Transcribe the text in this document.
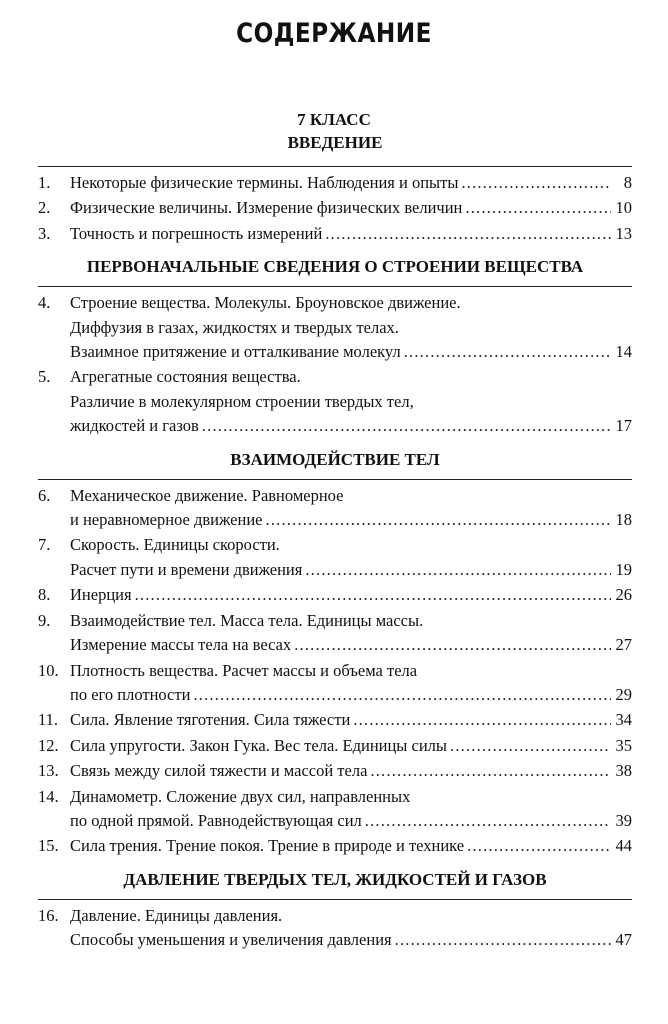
СОДЕРЖАНИЕ
7 КЛАСС
ВВЕДЕНИЕ
1. Некоторые физические термины. Наблюдения и опыты .....	8
2. Физические величины. Измерение физических величин .....	10
3. Точность и погрешность измерений .....	13
ПЕРВОНАЧАЛЬНЫЕ СВЕДЕНИЯ О СТРОЕНИИ ВЕЩЕСТВА
4. Строение вещества. Молекулы. Броуновское движение.
Диффузия в газах, жидкостях и твердых телах.
Взаимное притяжение и отталкивание молекул .....	14
5. Агрегатные состояния вещества.
Различие в молекулярном строении твердых тел,
жидкостей и газов .....	17
ВЗАИМОДЕЙСТВИЕ ТЕЛ
6. Механическое движение. Равномерное
и неравномерное движение .....	18
7. Скорость. Единицы скорости.
Расчет пути и времени движения .....	19
8. Инерция .....	26
9. Взаимодействие тел. Масса тела. Единицы массы.
Измерение массы тела на весах .....	27
10. Плотность вещества. Расчет массы и объема тела
по его плотности .....	29
11. Сила. Явление тяготения. Сила тяжести .....	34
12. Сила упругости. Закон Гука. Вес тела. Единицы силы .....	35
13. Связь между силой тяжести и массой тела .....	38
14. Динамометр. Сложение двух сил, направленных
по одной прямой. Равнодействующая сил .....	39
15. Сила трения. Трение покоя. Трение в природе и технике .....	44
ДАВЛЕНИЕ ТВЕРДЫХ ТЕЛ, ЖИДКОСТЕЙ И ГАЗОВ
16. Давление. Единицы давления.
Способы уменьшения и увеличения давления .....	47
